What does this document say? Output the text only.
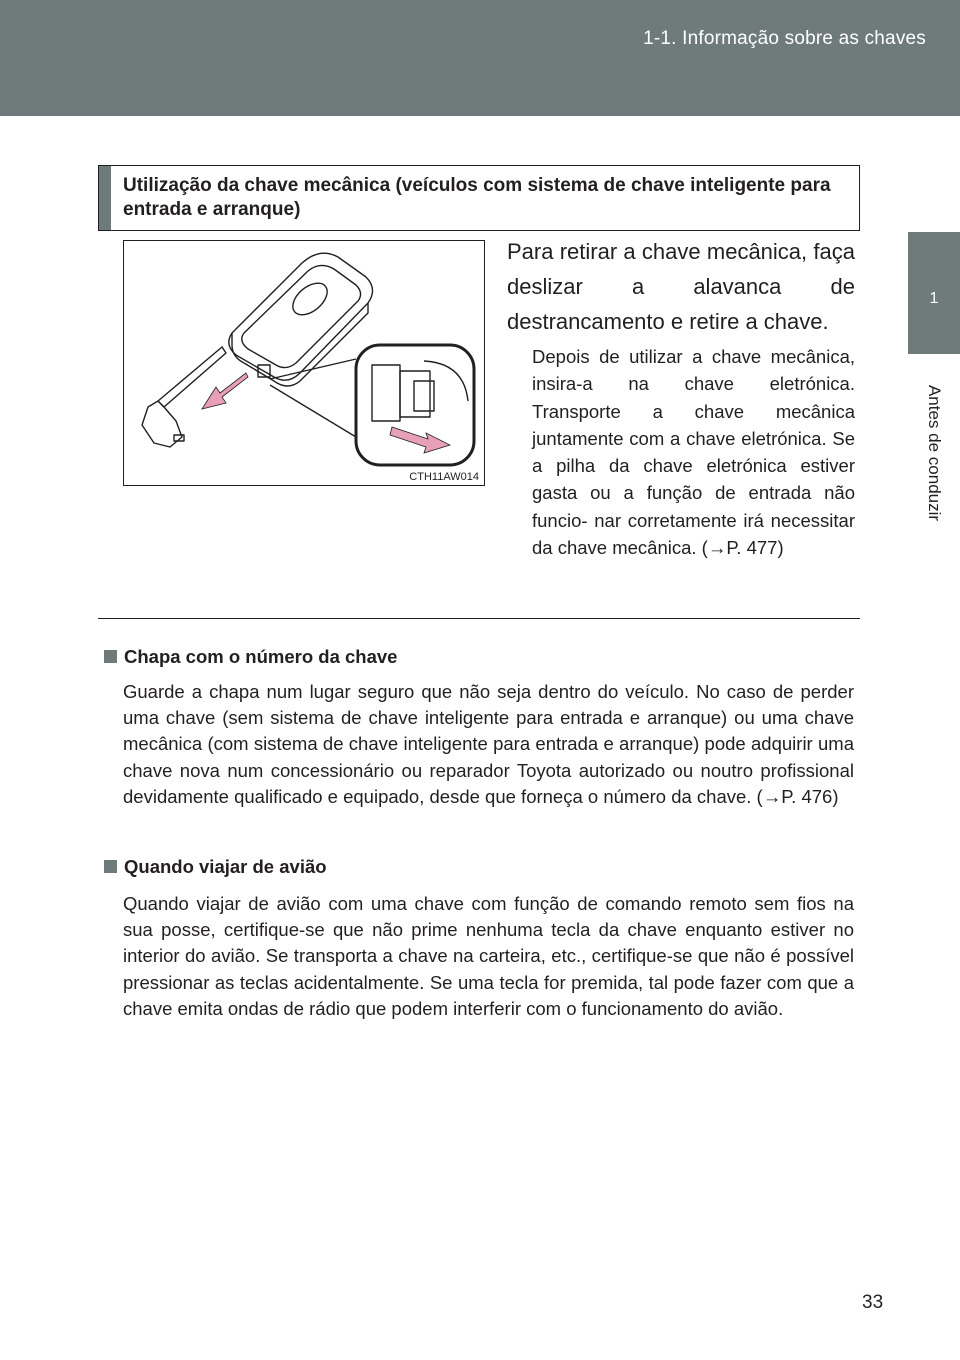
1-1. Informação sobre as chaves
1
Antes de conduzir
Utilização da chave mecânica (veículos com sistema de chave inteligente para entrada e arranque)
CTH11AW014
Para retirar a chave mecânica, faça deslizar a alavanca de destrancamento e retire a chave.
Depois de utilizar a chave mecânica, insira-a na chave eletrónica. Transporte a chave mecânica juntamente com a chave eletrónica. Se a pilha da chave eletrónica estiver gasta ou a função de entrada não funcio- nar corretamente irá necessitar da chave mecânica. (→P. 477)
Chapa com o número da chave
Guarde a chapa num lugar seguro que não seja dentro do veículo. No caso de perder uma chave (sem sistema de chave inteligente para entrada e arranque) ou uma chave mecânica (com sistema de chave inteligente para entrada e arranque) pode adquirir uma chave nova num concessionário ou reparador Toyota autorizado ou noutro profissional devidamente qualificado e equipado, desde que forneça o número da chave. (→P. 476)
Quando viajar de avião
Quando viajar de avião com uma chave com função de comando remoto sem fios na sua posse, certifique-se que não prime nenhuma tecla da chave enquanto estiver no interior do avião. Se transporta a chave na carteira, etc., certifique-se que não é possível pressionar as teclas acidentalmente. Se uma tecla for premida, tal pode fazer com que a chave emita ondas de rádio que podem interferir com o funcionamento do avião.
33
